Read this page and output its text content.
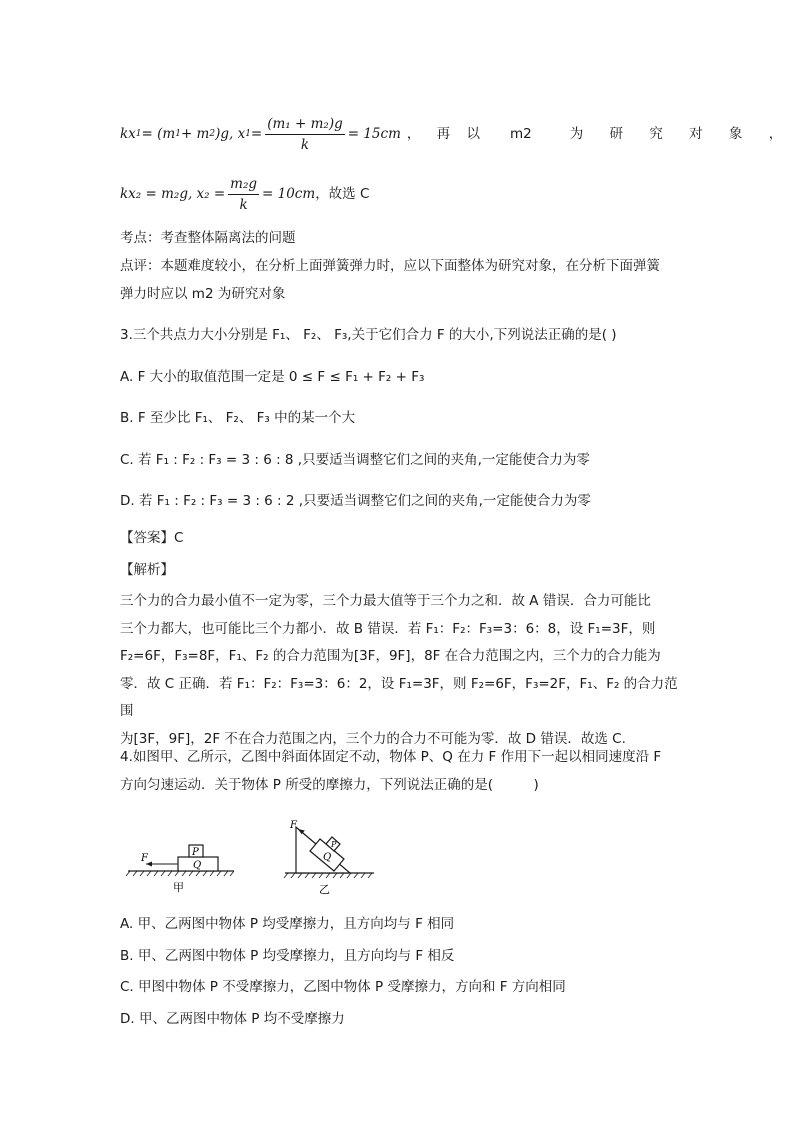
kx 1 = (m 1 + m 2 )g, x $1 = \frac{\text{(m₁ + m₂)g}}{k} = 15cm$ ， 再 以 m2	为 研 究 对 象 ，
kx₂ = m₂g, $x_2 = \frac{\text{m₂g}}{k} = 10cm$ ，故选 C
考点：考查整体隔离法的问题
点评：本题难度较小，在分析上面弹簧弹力时，应以下面整体为研究对象，在分析下面弹簧
弹力时应以 m2 为研究对象
3.三个共点力大小分别是 F₁、 F₂、 F₃,关于它们合力 F 的大小,下列说法正确的是( )
A. F 大小的取值范围一定是 0 ≤ F ≤ F₁ + F₂ + F₃
B. F 至少比 F₁、 F₂、 F₃ 中的某一个大
C. 若 F₁ : F₂ : F₃ = 3 : 6 : 8 ,只要适当调整它们之间的夹角,一定能使合力为零
D. 若 F₁ : F₂ : F₃ = 3 : 6 : 2 ,只要适当调整它们之间的夹角,一定能使合力为零
【答案】C
【解析】
三个力的合力最小值不一定为零，三个力最大值等于三个力之和．故 A 错误．合力可能比
三个力都大，也可能比三个力都小．故 B 错误．若 F₁：F₂：F₃=3：6：8，设 F₁=3F，则
F₂=6F，F₃=8F，F₁、F₂ 的合力范围为[3F，9F]，8F 在合力范围之内，三个力的合力能为
零．故 C 正确．若 F₁：F₂：F₃=3：6：2，设 F₁=3F，则 F₂=6F，F₃=2F，F₁、F₂ 的合力范围
为[3F，9F]，2F 不在合力范围之内，三个力的合力不可能为零．故 D 错误．故选 C.
4.如图甲、乙所示，乙图中斜面体固定不动，物体 P、Q 在力 F 作用下一起以相同速度沿 F
方向匀速运动．关于物体 P 所受的摩擦力，下列说法正确的是(　　　)
Q
P
F
甲
Q
P
F
乙
A. 甲、乙两图中物体 P 均受摩擦力，且方向均与 F 相同
B. 甲、乙两图中物体 P 均受摩擦力，且方向均与 F 相反
C. 甲图中物体 P 不受摩擦力，乙图中物体 P 受摩擦力，方向和 F 方向相同
D. 甲、乙两图中物体 P 均不受摩擦力
